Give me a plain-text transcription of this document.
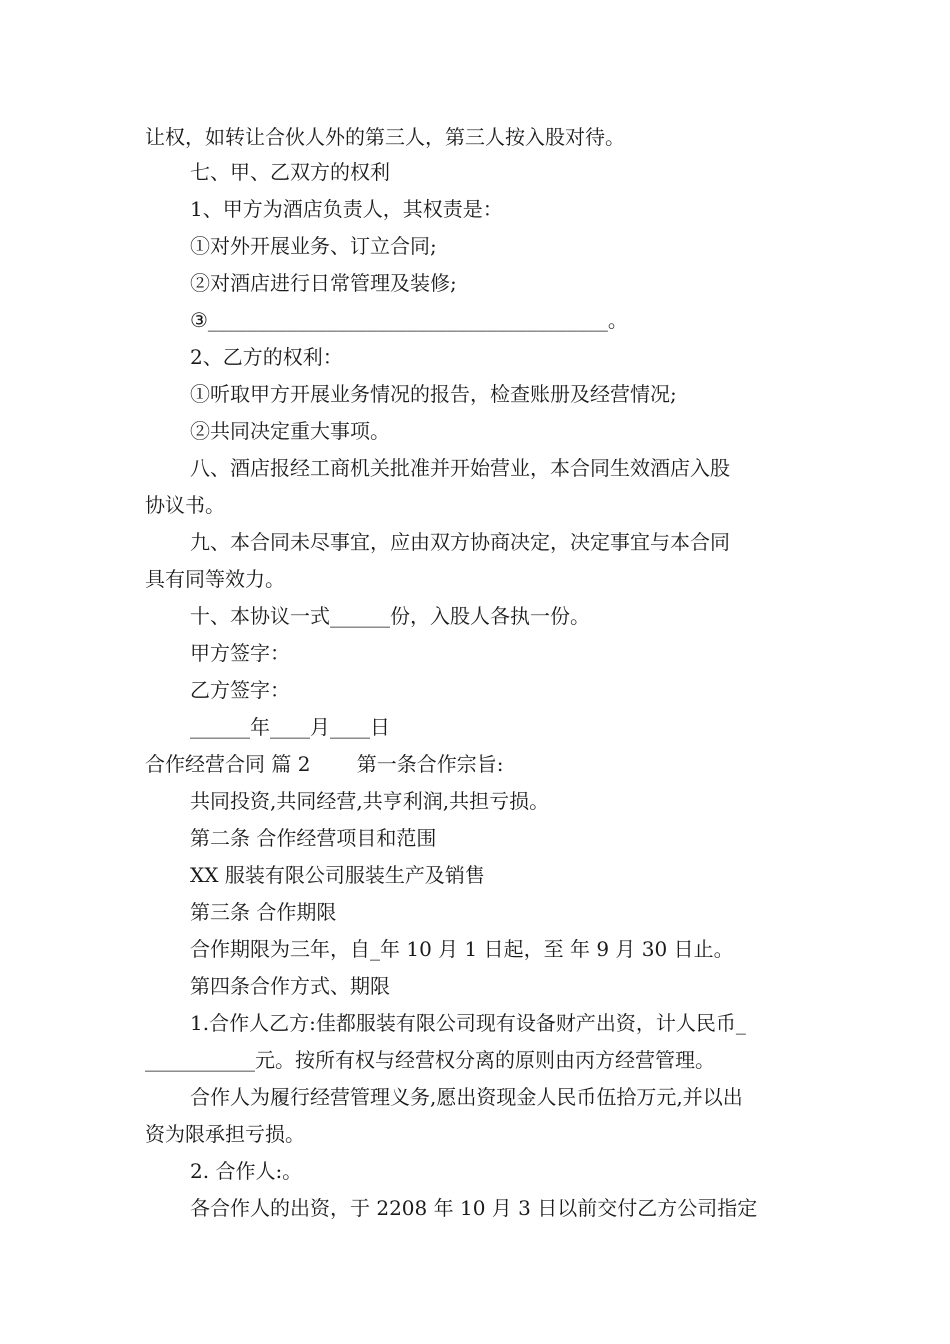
让权，如转让合伙人外的第三人，第三人按入股对待。
七、甲、乙双方的权利
1、甲方为酒店负责人，其权责是：
①对外开展业务、订立合同;
②对酒店进行日常管理及装修;
③________________________________________。
2、乙方的权利：
①听取甲方开展业务情况的报告，检查账册及经营情况;
②共同决定重大事项。
八、酒店报经工商机关批准并开始营业，本合同生效酒店入股
协议书。
九、本合同未尽事宜，应由双方协商决定，决定事宜与本合同
具有同等效力。
十、本协议一式______份，入股人各执一份。
甲方签字：
乙方签字：
______年____月____日
合作经营合同 篇 2　　 第一条合作宗旨:
共同投资,共同经营,共亨利润,共担亏损。
第二条 合作经营项目和范围
XX 服装有限公司服装生产及销售
第三条 合作期限
合作期限为三年，自_年 10 月 1 日起，至 年 9 月 30 日止。
第四条合作方式、期限
1.合作人乙方:佳都服装有限公司现有设备财产出资，计人民币_
___________元。按所有权与经营权分离的原则由丙方经营管理。
合作人为履行经营管理义务,愿出资现金人民币伍拾万元,并以出
资为限承担亏损。
2. 合作人:。
各合作人的出资，于 2208 年 10 月 3 日以前交付乙方公司指定
